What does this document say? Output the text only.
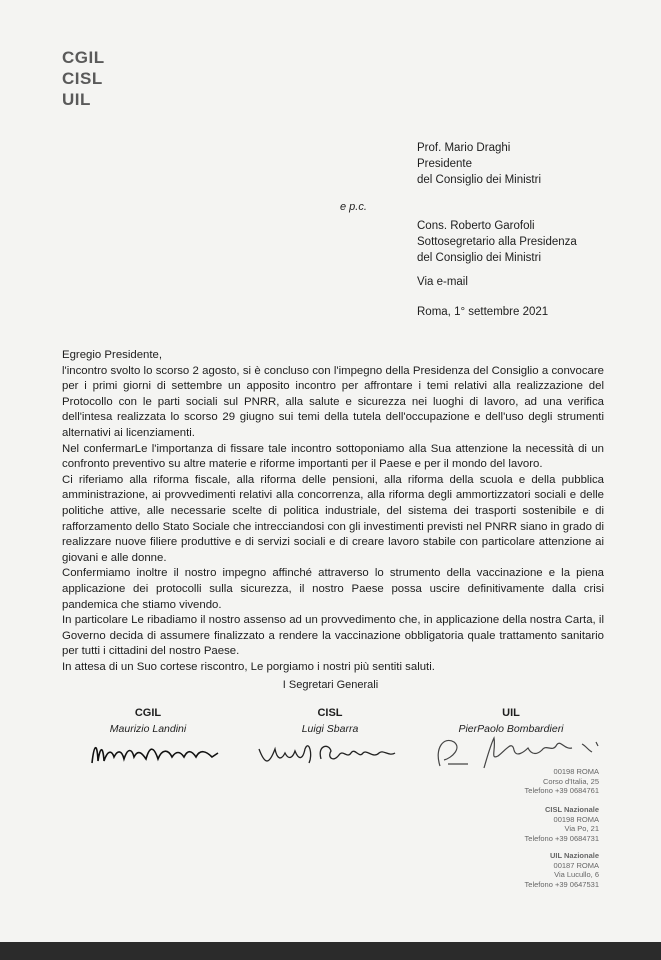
CGIL
CISL
UIL
Prof. Mario Draghi
Presidente
del Consiglio dei Ministri
e p.c.
Cons. Roberto Garofoli
Sottosegretario alla Presidenza
del Consiglio dei Ministri
Via e-mail
Roma, 1° settembre 2021

Egregio Presidente,

l'incontro svolto lo scorso 2 agosto, si è concluso con l'impegno della Presidenza del Consiglio a convocare per i primi giorni di settembre un apposito incontro per affrontare i temi relativi alla realizzazione del Protocollo con le parti sociali sul PNRR, alla salute e sicurezza nei luoghi di lavoro, ad una verifica dell'intesa realizzata lo scorso 29 giugno sui temi della tutela dell'occupazione e dell'uso degli strumenti alternativi ai licenziamenti.

Nel confermarLe l'importanza di fissare tale incontro sottoponiamo alla Sua attenzione la necessità di un confronto preventivo su altre materie e riforme importanti per il Paese e per il mondo del lavoro.

Ci riferiamo alla riforma fiscale, alla riforma delle pensioni, alla riforma della scuola e della pubblica amministrazione, ai provvedimenti relativi alla concorrenza, alla riforma degli ammortizzatori sociali e delle politiche attive, alle necessarie scelte di politica industriale, del sistema dei trasporti sostenibile e di rafforzamento dello Stato Sociale che intrecciandosi con gli investimenti previsti nel PNRR siano in grado di realizzare nuove filiere produttive e di servizi sociali e di creare lavoro stabile con particolare attenzione ai giovani e alle donne.

Confermiamo inoltre il nostro impegno affinché attraverso lo strumento della vaccinazione e la piena applicazione dei protocolli sulla sicurezza, il nostro Paese possa uscire definitivamente dalla crisi pandemica che stiamo vivendo.

In particolare Le ribadiamo il nostro assenso ad un provvedimento che, in applicazione della nostra Carta, il Governo decida di assumere finalizzato a rendere la vaccinazione obbligatoria quale trattamento sanitario per tutti i cittadini del nostro Paese.

In attesa di un Suo cortese riscontro, Le porgiamo i nostri più sentiti saluti.

I Segretari Generali
CGIL
Maurizio Landini
CISL
Luigi Sbarra
UIL
PierPaolo Bombardieri
00198 ROMA
Corso d'Italia, 25
Telefono +39 0684761
CISL Nazionale
00198 ROMA
Via Po, 21
Telefono +39 0684731
UIL Nazionale
00187 ROMA
Via Lucullo, 6
Telefono +39 0647531
